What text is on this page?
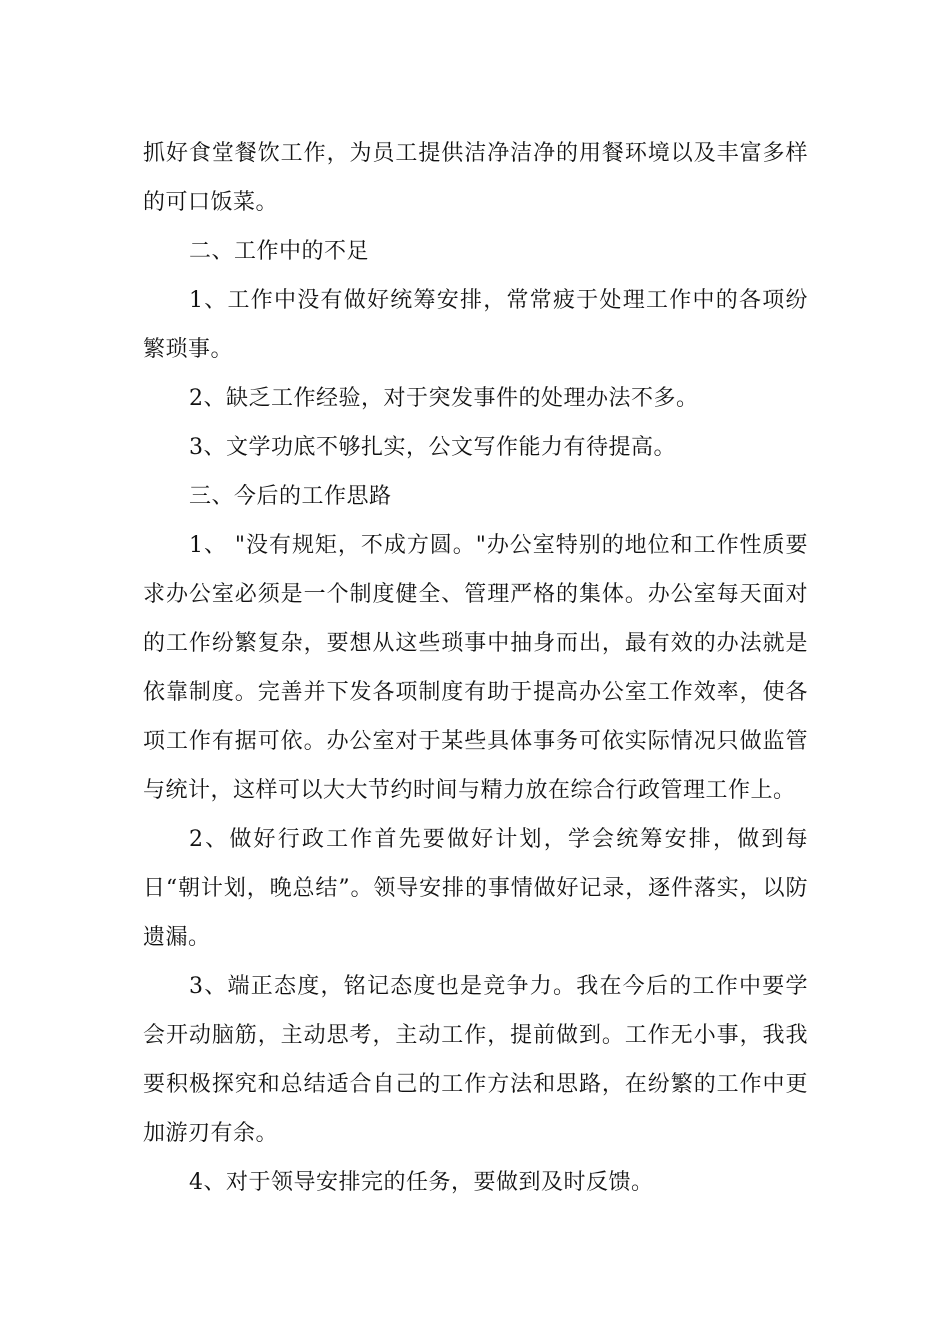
抓好食堂餐饮工作，为员工提供洁净洁净的用餐环境以及丰富多样的可口饭菜。

二、工作中的不足

1、工作中没有做好统筹安排，常常疲于处理工作中的各项纷繁琐事。

2、缺乏工作经验，对于突发事件的处理办法不多。

3、文学功底不够扎实，公文写作能力有待提高。

三、今后的工作思路

1、 "没有规矩，不成方圆。"办公室特别的地位和工作性质要求办公室必须是一个制度健全、管理严格的集体。办公室每天面对的工作纷繁复杂，要想从这些琐事中抽身而出，最有效的办法就是依靠制度。完善并下发各项制度有助于提高办公室工作效率，使各项工作有据可依。办公室对于某些具体事务可依实际情况只做监管与统计，这样可以大大节约时间与精力放在综合行政管理工作上。

2、做好行政工作首先要做好计划，学会统筹安排，做到每日“朝计划，晚总结”。领导安排的事情做好记录，逐件落实，以防遗漏。

3、端正态度，铭记态度也是竞争力。我在今后的工作中要学会开动脑筋，主动思考，主动工作，提前做到。工作无小事，我我要积极探究和总结适合自己的工作方法和思路，在纷繁的工作中更加游刃有余。

4、对于领导安排完的任务，要做到及时反馈。
